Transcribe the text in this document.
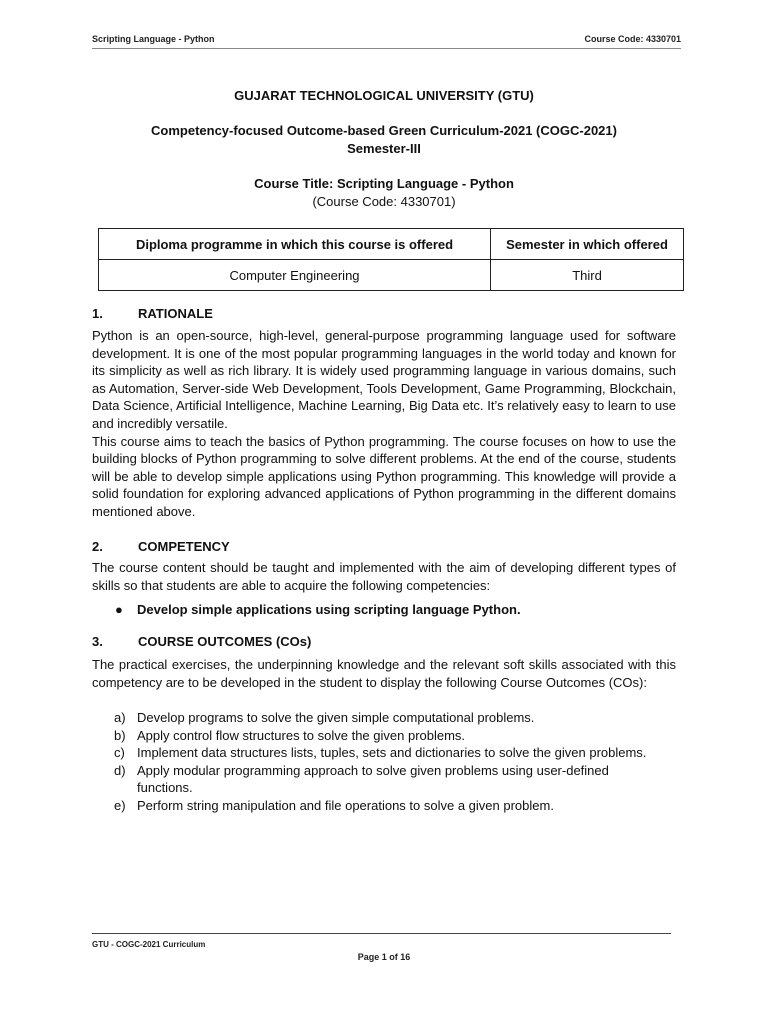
Scripting Language - Python	Course Code: 4330701
GUJARAT TECHNOLOGICAL UNIVERSITY (GTU)
Competency-focused Outcome-based Green Curriculum-2021 (COGC-2021)
Semester-III
Course Title: Scripting Language - Python
(Course Code: 4330701)
Diploma programme in which this course is offered	Semester in which offered
Computer Engineering	Third
1.	RATIONALE

Python is an open-source, high-level, general-purpose programming language used for software development. It is one of the most popular programming languages in the world today and known for its simplicity as well as rich library. It is widely used programming language in various domains, such as Automation, Server-side Web Development, Tools Development, Game Programming, Blockchain, Data Science, Artificial Intelligence, Machine Learning, Big Data etc. It’s relatively easy to learn to use and incredibly versatile.

This course aims to teach the basics of Python programming. The course focuses on how to use the building blocks of Python programming to solve different problems. At the end of the course, students will be able to develop simple applications using Python programming. This knowledge will provide a solid foundation for exploring advanced applications of Python programming in the different domains mentioned above.

2.	COMPETENCY

The course content should be taught and implemented with the aim of developing different types of skills so that students are able to acquire the following competencies:

● Develop simple applications using scripting language Python.
3.	COURSE OUTCOMES (COs)

The practical exercises, the underpinning knowledge and the relevant soft skills associated with this competency are to be developed in the student to display the following Course Outcomes (COs):

a) Develop programs to solve the given simple computational problems.
b) Apply control flow structures to solve the given problems.
c) Implement data structures lists, tuples, sets and dictionaries to solve the given problems.
d) Apply modular programming approach to solve given problems using user-defined functions.
e) Perform string manipulation and file operations to solve a given problem.
GTU - COGC-2021 Curriculum
Page 1 of 16
